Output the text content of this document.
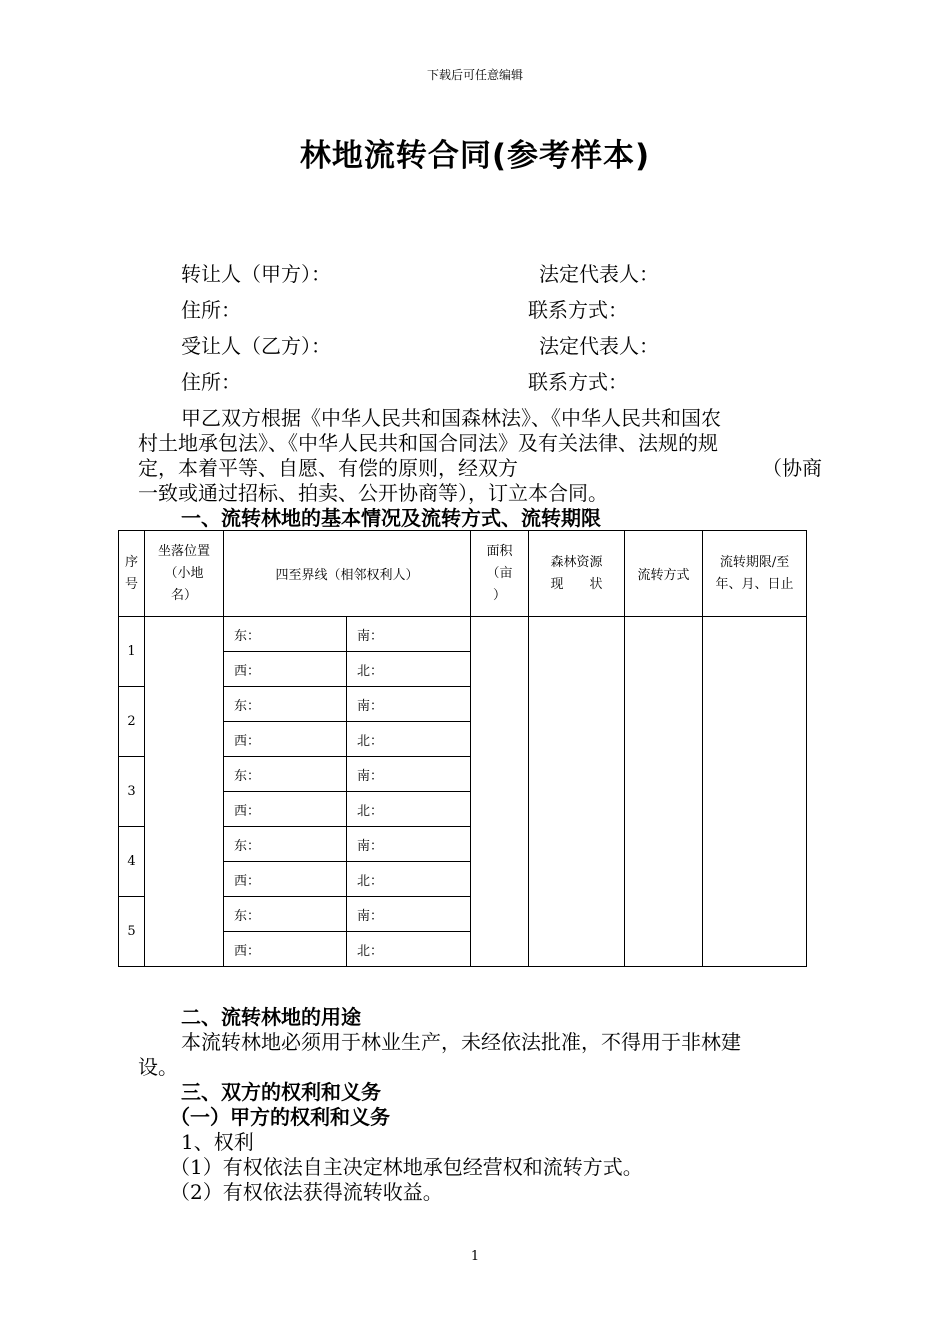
下载后可任意编辑
林地流转合同(参考样本)
转让人（甲方）：	法定代表人：
住所：	联系方式：
受让人（乙方）：	法定代表人：
住所：	联系方式：
甲乙双方根据《中华人民共和国森林法》、《中华人民共和国农
村土地承包法》、《中华人民共和国合同法》及有关法律、法规的规
定，本着平等、自愿、有偿的原则，经双方	（协商
一致或通过招标、拍卖、公开协商等），订立本合同。
一、流转林地的基本情况及流转方式、流转期限
序
号	坐落位置
（小地
名）	四至界线（相邻权利人）		面积
（亩
）	森林资源
现　　状	流转方式	流转期限/至
年、月、日止
1		东：	南：				
		西：	北：				
2		东：	南：				
		西：	北：				
3		东：	南：				
		西：	北：				
4		东：	南：				
		西：	北：				
5		东：	南：				
		西：	北：				
二、流转林地的用途
本流转林地必须用于林业生产，未经依法批准，不得用于非林建
设。
三、双方的权利和义务
（一）甲方的权利和义务
1、权利
（1）有权依法自主决定林地承包经营权和流转方式。
（2）有权依法获得流转收益。
1
